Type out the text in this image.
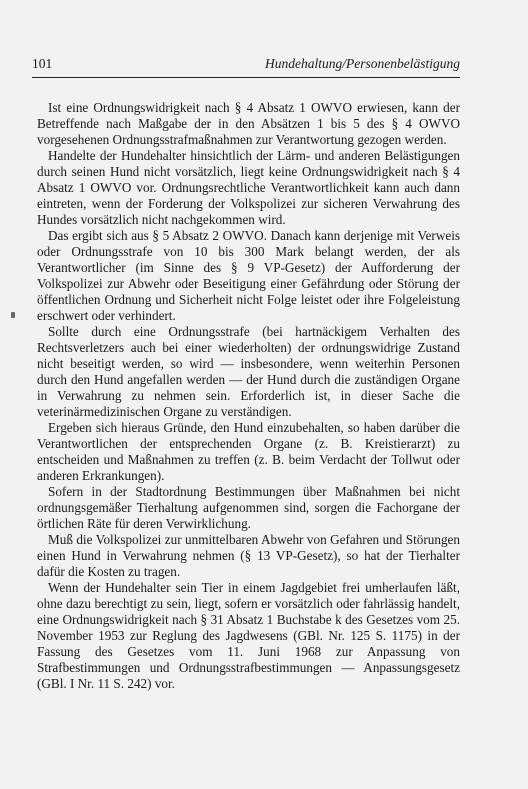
101	Hundehaltung/Personenbelästigung

Ist eine Ordnungswidrigkeit nach § 4 Absatz 1 OWVO erwiesen, kann der Betreffende nach Maßgabe der in den Absätzen 1 bis 5 des § 4 OWVO vorgesehenen Ordnungsstrafmaßnahmen zur Verantwortung gezogen werden.

Handelte der Hundehalter hinsichtlich der Lärm- und anderen Belästigungen durch seinen Hund nicht vorsätzlich, liegt keine Ordnungswidrigkeit nach § 4 Absatz 1 OWVO vor. Ordnungsrechtliche Verantwortlichkeit kann auch dann eintreten, wenn der Forderung der Volkspolizei zur sicheren Verwahrung des Hundes vorsätzlich nicht nachgekommen wird.

Das ergibt sich aus § 5 Absatz 2 OWVO. Danach kann derjenige mit Verweis oder Ordnungsstrafe von 10 bis 300 Mark belangt werden, der als Verantwortlicher (im Sinne des § 9 VP-Gesetz) der Aufforderung der Volkspolizei zur Abwehr oder Beseitigung einer Gefährdung oder Störung der öffentlichen Ordnung und Sicherheit nicht Folge leistet oder ihre Folgeleistung erschwert oder verhindert.

Sollte durch eine Ordnungsstrafe (bei hartnäckigem Verhalten des Rechtsverletzers auch bei einer wiederholten) der ordnungswidrige Zustand nicht beseitigt werden, so wird — insbesondere, wenn weiterhin Personen durch den Hund angefallen werden — der Hund durch die zuständigen Organe in Verwahrung zu nehmen sein. Erforderlich ist, in dieser Sache die veterinärmedizinischen Organe zu verständigen.

Ergeben sich hieraus Gründe, den Hund einzubehalten, so haben darüber die Verantwortlichen der entsprechenden Organe (z. B. Kreistierarzt) zu entscheiden und Maßnahmen zu treffen (z. B. beim Verdacht der Tollwut oder anderen Erkrankungen).

Sofern in der Stadtordnung Bestimmungen über Maßnahmen bei nicht ordnungsgemäßer Tierhaltung aufgenommen sind, sorgen die Fachorgane der örtlichen Räte für deren Verwirklichung.

Muß die Volkspolizei zur unmittelbaren Abwehr von Gefahren und Störungen einen Hund in Verwahrung nehmen (§ 13 VP-Gesetz), so hat der Tierhalter dafür die Kosten zu tragen.

Wenn der Hundehalter sein Tier in einem Jagdgebiet frei umherlaufen läßt, ohne dazu berechtigt zu sein, liegt, sofern er vorsätzlich oder fahrlässig handelt, eine Ordnungswidrigkeit nach § 31 Absatz 1 Buchstabe k des Gesetzes vom 25. November 1953 zur Reglung des Jagdwesens (GBl. Nr. 125 S. 1175) in der Fassung des Gesetzes vom 11. Juni 1968 zur Anpassung von Strafbestimmungen und Ordnungsstrafbestimmungen — Anpassungsgesetz (GBl. I Nr. 11 S. 242) vor.
